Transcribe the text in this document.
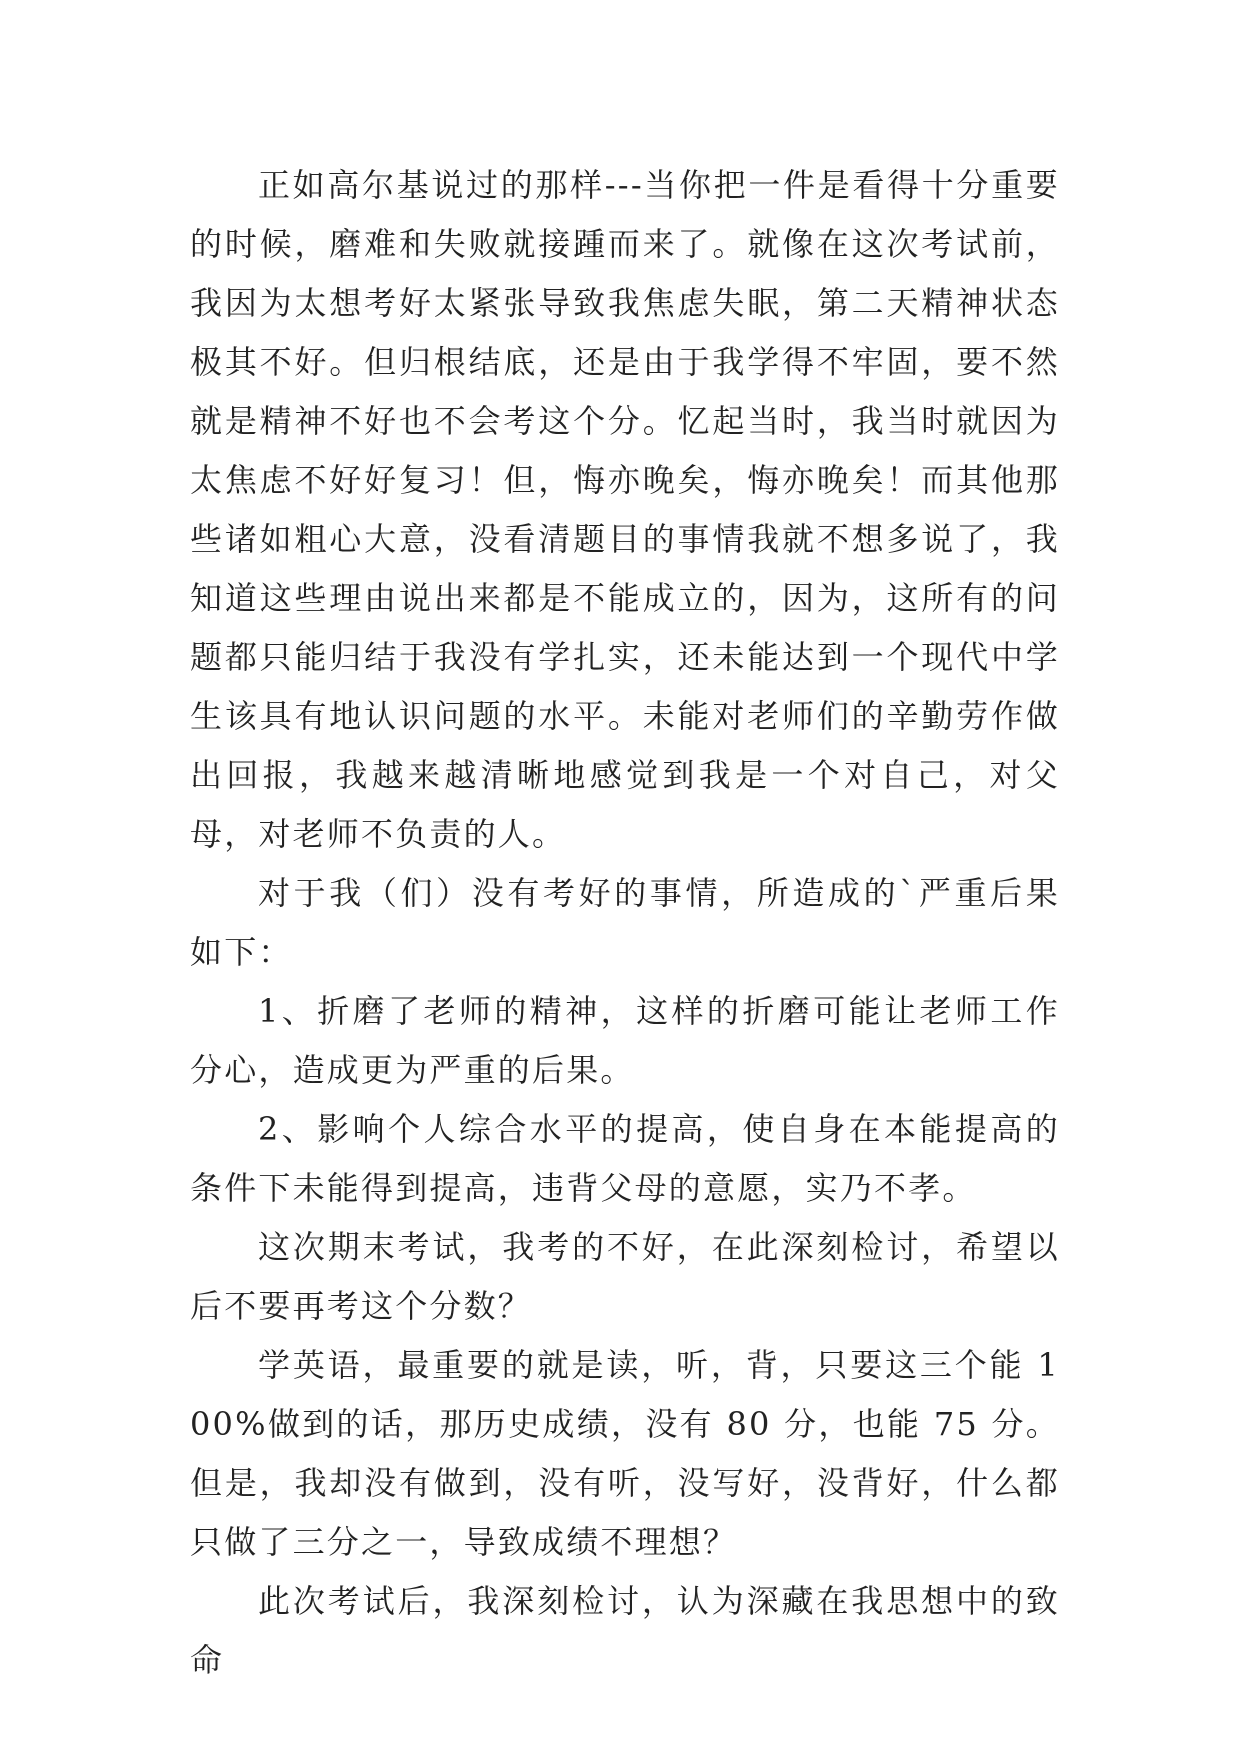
正如高尔基说过的那样---当你把一件是看得十分重要的时候，磨难和失败就接踵而来了。就像在这次考试前，我因为太想考好太紧张导致我焦虑失眠，第二天精神状态极其不好。但归根结底，还是由于我学得不牢固，要不然就是精神不好也不会考这个分。忆起当时，我当时就因为太焦虑不好好复习！但，悔亦晚矣，悔亦晚矣！而其他那些诸如粗心大意，没看清题目的事情我就不想多说了，我知道这些理由说出来都是不能成立的，因为，这所有的问题都只能归结于我没有学扎实，还未能达到一个现代中学生该具有地认识问题的水平。未能对老师们的辛勤劳作做出回报，我越来越清晰地感觉到我是一个对自己，对父母，对老师不负责的人。

对于我（们）没有考好的事情，所造成的`严重后果如下：

1、折磨了老师的精神，这样的折磨可能让老师工作分心，造成更为严重的后果。

2、影响个人综合水平的提高，使自身在本能提高的条件下未能得到提高，违背父母的意愿，实乃不孝。

这次期末考试，我考的不好，在此深刻检讨，希望以后不要再考这个分数？

学英语，最重要的就是读，听，背，只要这三个能 100%做到的话，那历史成绩，没有 80 分，也能 75 分。但是，我却没有做到，没有听，没写好，没背好，什么都只做了三分之一，导致成绩不理想？

此次考试后，我深刻检讨，认为深藏在我思想中的致命
